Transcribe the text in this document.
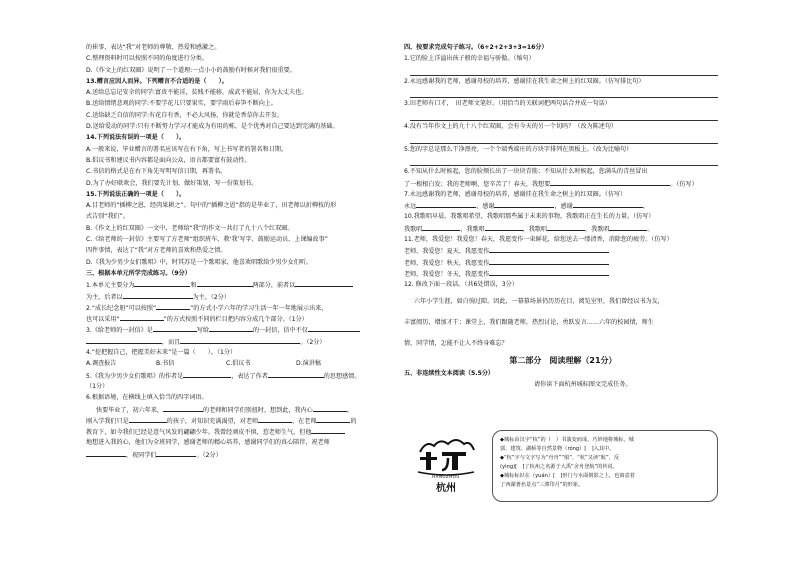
的崔事，表达“我”对老师的尊敬、热爱和感激之。
C.整理资料时可以按照不同的角度进行分类。
D.《作文上的红双圈》说明了一个道理:一点小小的鼓励有时候对我们很重要。
13.赠言应因人而异。下列赠言不合适的是（　　）。
A.送给总忘记安全的同学:富贵不能淫，贫贱不能移，威武不能屈，你为大丈夫也。
B.送给情绪悲观的同学:不要学花儿只要果实，要学雨后春笋不断向上。
C.送给缺乏自信的同学:有花自有香，不必大风扬，你就是香草你去开发。
D.送给爱动的同学:只有不断努力学习才能成为有用的栋，是个优秀对自己要达到完满的基础。
14.下列说法有误的一项是（　　）。
A.一般来说，毕业赠言的署名应该写在右下角，写上书写者的署名和日期。
B.倡议书和建议书内容都是面向公众，语言都要富有鼓动性。
C.书信的格式是在右下角先写明写信日期，再署名。
D.为了办好联欢会，我们要先计划，做好策划，写一份策划书。
15.下列说法正确的一项是（　　）。
A.目老师的“插柳之恩，经肉果耕之”。句中的“插柳之恩”指的是毕业了，田老师以折柳枝的形
式告别“我们”。
B.《作文上的红双圈》一文中，老师给“我”的作文一共打了九十八个红双圈。
C.《给老师的一封信》主要写了方老师“组织班车、教‘我’写字、鼓励运动员、上课编故事”
四件事情，表达了“我”对方老师的喜欢和热爱之情。
D.《我为少男少女们歌唱》中，时其苏是一个歌唱家，他喜欢唱歌给少男少女们听。
三、根据本单元所学完成练习。（9分）
1.本单元主要分为	和	两部分，前者以
为主，后者以	为主。（2分）
2.“成长纪念册”可以按照“	”的方式小学六年的学习生活一年一年地展示出来，
也可以采用“	”的方式按照不同的栏目把内容分成几个部分。（1分）
3.《给老师的一封信》是	写给	的一封信，信中不仅
，而且	。（2分）
4.“挖把握自己，把握美好未来”是一篇（　　）。（1分）
A.调查报告	B.书信	C.倡议书	D.演讲稿
5.《我为少男少女们歌唱》的作者是	，表达了作者	的思想感情。
（1分）
6.根据语境，在横线上填入恰当的四字词语。
快要毕业了，初六年来，	的老师和同学们别扭时，想到此，我内心	。
刚入学我们只是	的孩子，对知识充满渴望，对老师	，在老师	的
教育下，如今我们已经是意气风发的翩翩少年。我曾经顽皮不慎，惹老师生气，但他
地想进入我的心，他们为全班同学，感谢老师的精心培养，感谢同学们的真心陪伴，祝老师
，祝同学们	。（2分）
四、按要求完成句子练习。（6+2+2+3+3=16分）
1.它的脸上洋溢出孩子般的幸福与骄傲。（缩句）
2.永远感谢我的老师，感谢母校的培养，感谢挂在我生命之树上的红双圈。（仿写排比句）
3.田老师有口才，　田老师文笔好。（用恰当的关联词把两句话合并成一句话）
4.没有当年作文上的九十八个红双圈，会有今天的另一个切吗？（改为陈述句）
5.您的字总是那么干净漂亮，一个个端秀端庄的方块字排列在黑板上。（改为比喻句）
6.不知从什么时候起，您的脸颊长出了一块块青筋；不知从什么时候起，您满头的青丝冒出
了一根根白发；我的老师啊，您辛苦了！春天，我想要	。（仿写）
7.永远感谢我的老师，感谢母校的培养，感谢挂在我生命之树上的红双圈。（仿写）
永远	，感谢	，感谢	。
10.我歌唱早晨，我歌唱希望，我歌唱那些属于未来的事物，我歌唱正在生长的力量。（仿写）
我歌唱	，我歌唱	，我歌唱	，我歌唱	。
11.老师，我爱您！我爱您！春天，我愿变作一束鲜花，给您送去一缕清香，消除您的疲劳。（仿写）
老师，我爱您！夏天，我愿变作
老师，我爱您！秋天，我愿变作
老师，我爱您！冬天，我愿变作
12. 修改下面一段话。（共6处错误，3分）
六年小学生涯，如白驹过隙。因此，一幕幕场景仍历历在目，阅览室里，我们曾经以书为友，
丰富阅历，增加才干；课堂上，我们跟随老师，热烈讨论，勇跃发言……六年的校园情，师生
情，同学情，怎能不让人不终身难忘？
第二部分　阅读理解（21分）
五、非连续性文本阅读（5.5分）
请你读下面杭州城标图文完成任务。
HANGZHOU
杭州
◆城标由汉字“杭”的（　）书演变而成，巧妙地将城标、城
郭、建筑、湖桥等自然景物（róng）[　]入其中。
◆“杭”字与文字写为“舟舟”“船”，“杭”又读“航”，反
(yìng)[　]了杭州之名源于大禹“舍舟登航”的传说，
◆城标标识在（yuán）[　]形门与水面倒影之上，也寓意着
了西湖著名景点“三潭印月”的形象。
